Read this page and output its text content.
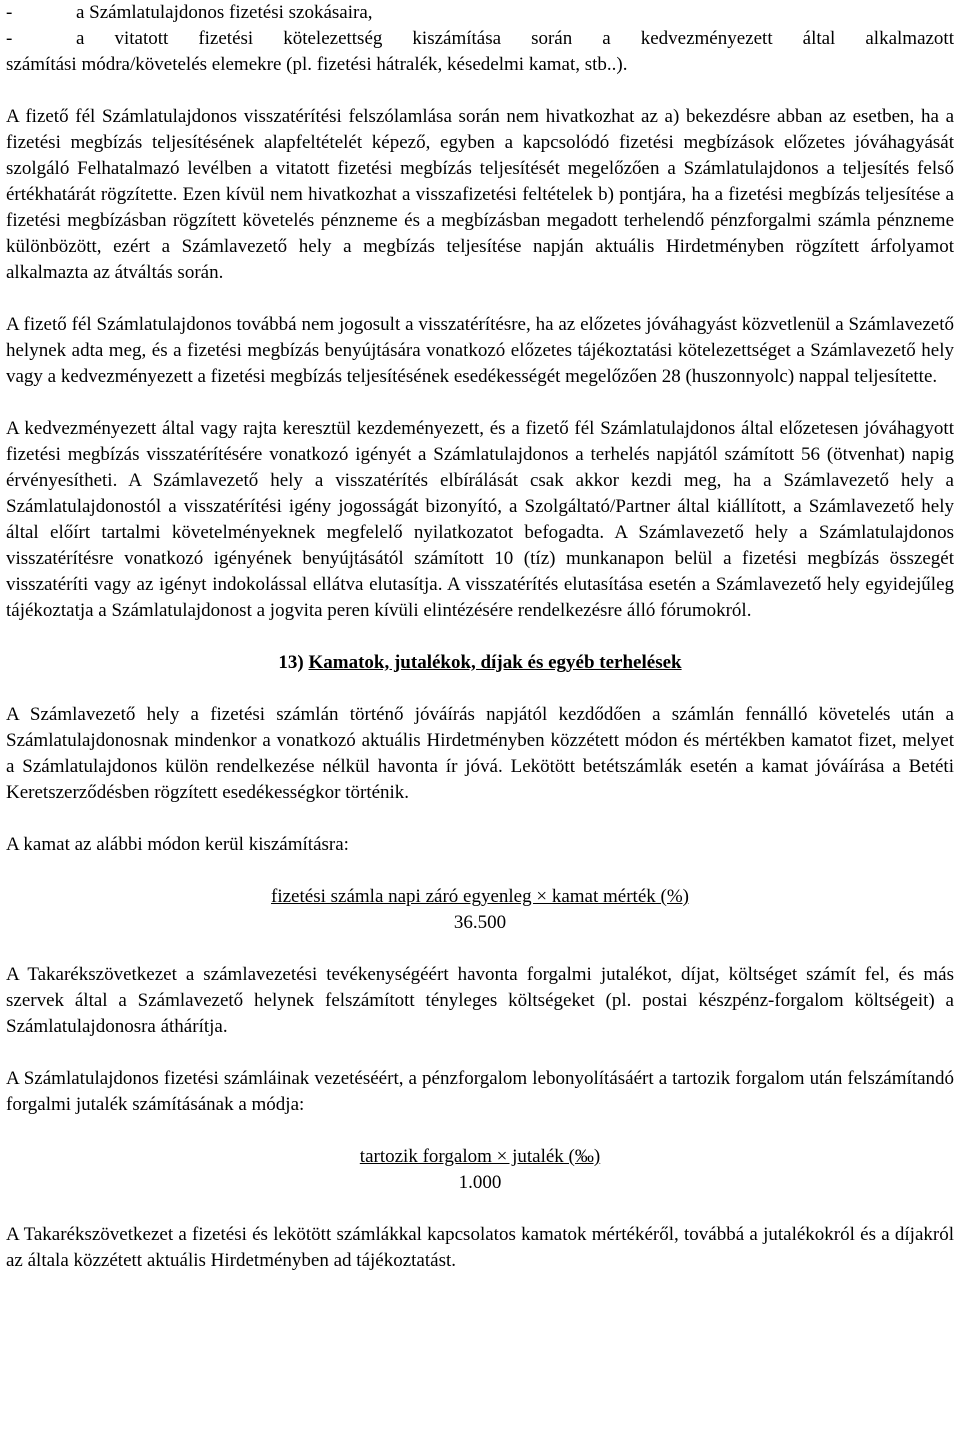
-	a Számlatulajdonos fizetési szokásaira,
-	a vitatott fizetési kötelezettség kiszámítása során a kedvezményezett által alkalmazott

számítási módra/követelés elemekre (pl. fizetési hátralék, késedelmi kamat, stb..).

A fizető fél Számlatulajdonos visszatérítési felszólamlása során nem hivatkozhat az a) bekezdésre abban az esetben, ha a fizetési megbízás teljesítésének alapfeltételét képező, egyben a kapcsolódó fizetési megbízások előzetes jóváhagyását szolgáló Felhatalmazó levélben a vitatott fizetési megbízás teljesítését megelőzően a Számlatulajdonos a teljesítés felső értékhatárát rögzítette. Ezen kívül nem hivatkozhat a visszafizetési feltételek b) pontjára, ha a fizetési megbízás teljesítése a fizetési megbízásban rögzített követelés pénzneme és a megbízásban megadott terhelendő pénzforgalmi számla pénzneme különbözött, ezért a Számlavezető hely a megbízás teljesítése napján aktuális Hirdetményben rögzített árfolyamot alkalmazta az átváltás során.

A fizető fél Számlatulajdonos továbbá nem jogosult a visszatérítésre, ha az előzetes jóváhagyást közvetlenül a Számlavezető helynek adta meg, és a fizetési megbízás benyújtására vonatkozó előzetes tájékoztatási kötelezettséget a Számlavezető hely vagy a kedvezményezett a fizetési megbízás teljesítésének esedékességét megelőzően 28 (huszonnyolc) nappal teljesítette.

A kedvezményezett által vagy rajta keresztül kezdeményezett, és a fizető fél Számlatulajdonos által előzetesen jóváhagyott fizetési megbízás visszatérítésére vonatkozó igényét a Számlatulajdonos a terhelés napjától számított 56 (ötvenhat) napig érvényesítheti. A Számlavezető hely a visszatérítés elbírálását csak akkor kezdi meg, ha a Számlavezető hely a Számlatulajdonostól a visszatérítési igény jogosságát bizonyító, a Szolgáltató/Partner által kiállított, a Számlavezető hely által előírt tartalmi követelményeknek megfelelő nyilatkozatot befogadta. A Számlavezető hely a Számlatulajdonos visszatérítésre vonatkozó igényének benyújtásától számított 10 (tíz) munkanapon belül a fizetési megbízás összegét visszatéríti vagy az igényt indokolással ellátva elutasítja. A visszatérítés elutasítása esetén a Számlavezető hely egyidejűleg tájékoztatja a Számlatulajdonost a jogvita peren kívüli elintézésére rendelkezésre álló fórumokról.

13) Kamatok, jutalékok, díjak és egyéb terhelések

A Számlavezető hely a fizetési számlán történő jóváírás napjától kezdődően a számlán fennálló követelés után a Számlatulajdonosnak mindenkor a vonatkozó aktuális Hirdetményben közzétett módon és mértékben kamatot fizet, melyet a Számlatulajdonos külön rendelkezése nélkül havonta ír jóvá. Lekötött betétszámlák esetén a kamat jóváírása a Betéti Keretszerződésben rögzített esedékességkor történik.

A kamat az alábbi módon kerül kiszámításra:

fizetési számla napi záró egyenleg × kamat mérték (%)
36.500

A Takarékszövetkezet a számlavezetési tevékenységéért havonta forgalmi jutalékot, díjat, költséget számít fel, és más szervek által a Számlavezető helynek felszámított tényleges költségeket (pl. postai készpénz-forgalom költségeit) a Számlatulajdonosra áthárítja.

A Számlatulajdonos fizetési számláinak vezetéséért, a pénzforgalom lebonyolításáért a tartozik forgalom után felszámítandó forgalmi jutalék számításának a módja:

tartozik forgalom × jutalék (‰)
1.000

A Takarékszövetkezet a fizetési és lekötött számlákkal kapcsolatos kamatok mértékéről, továbbá a jutalékokról és a díjakról az általa közzétett aktuális Hirdetményben ad tájékoztatást.
